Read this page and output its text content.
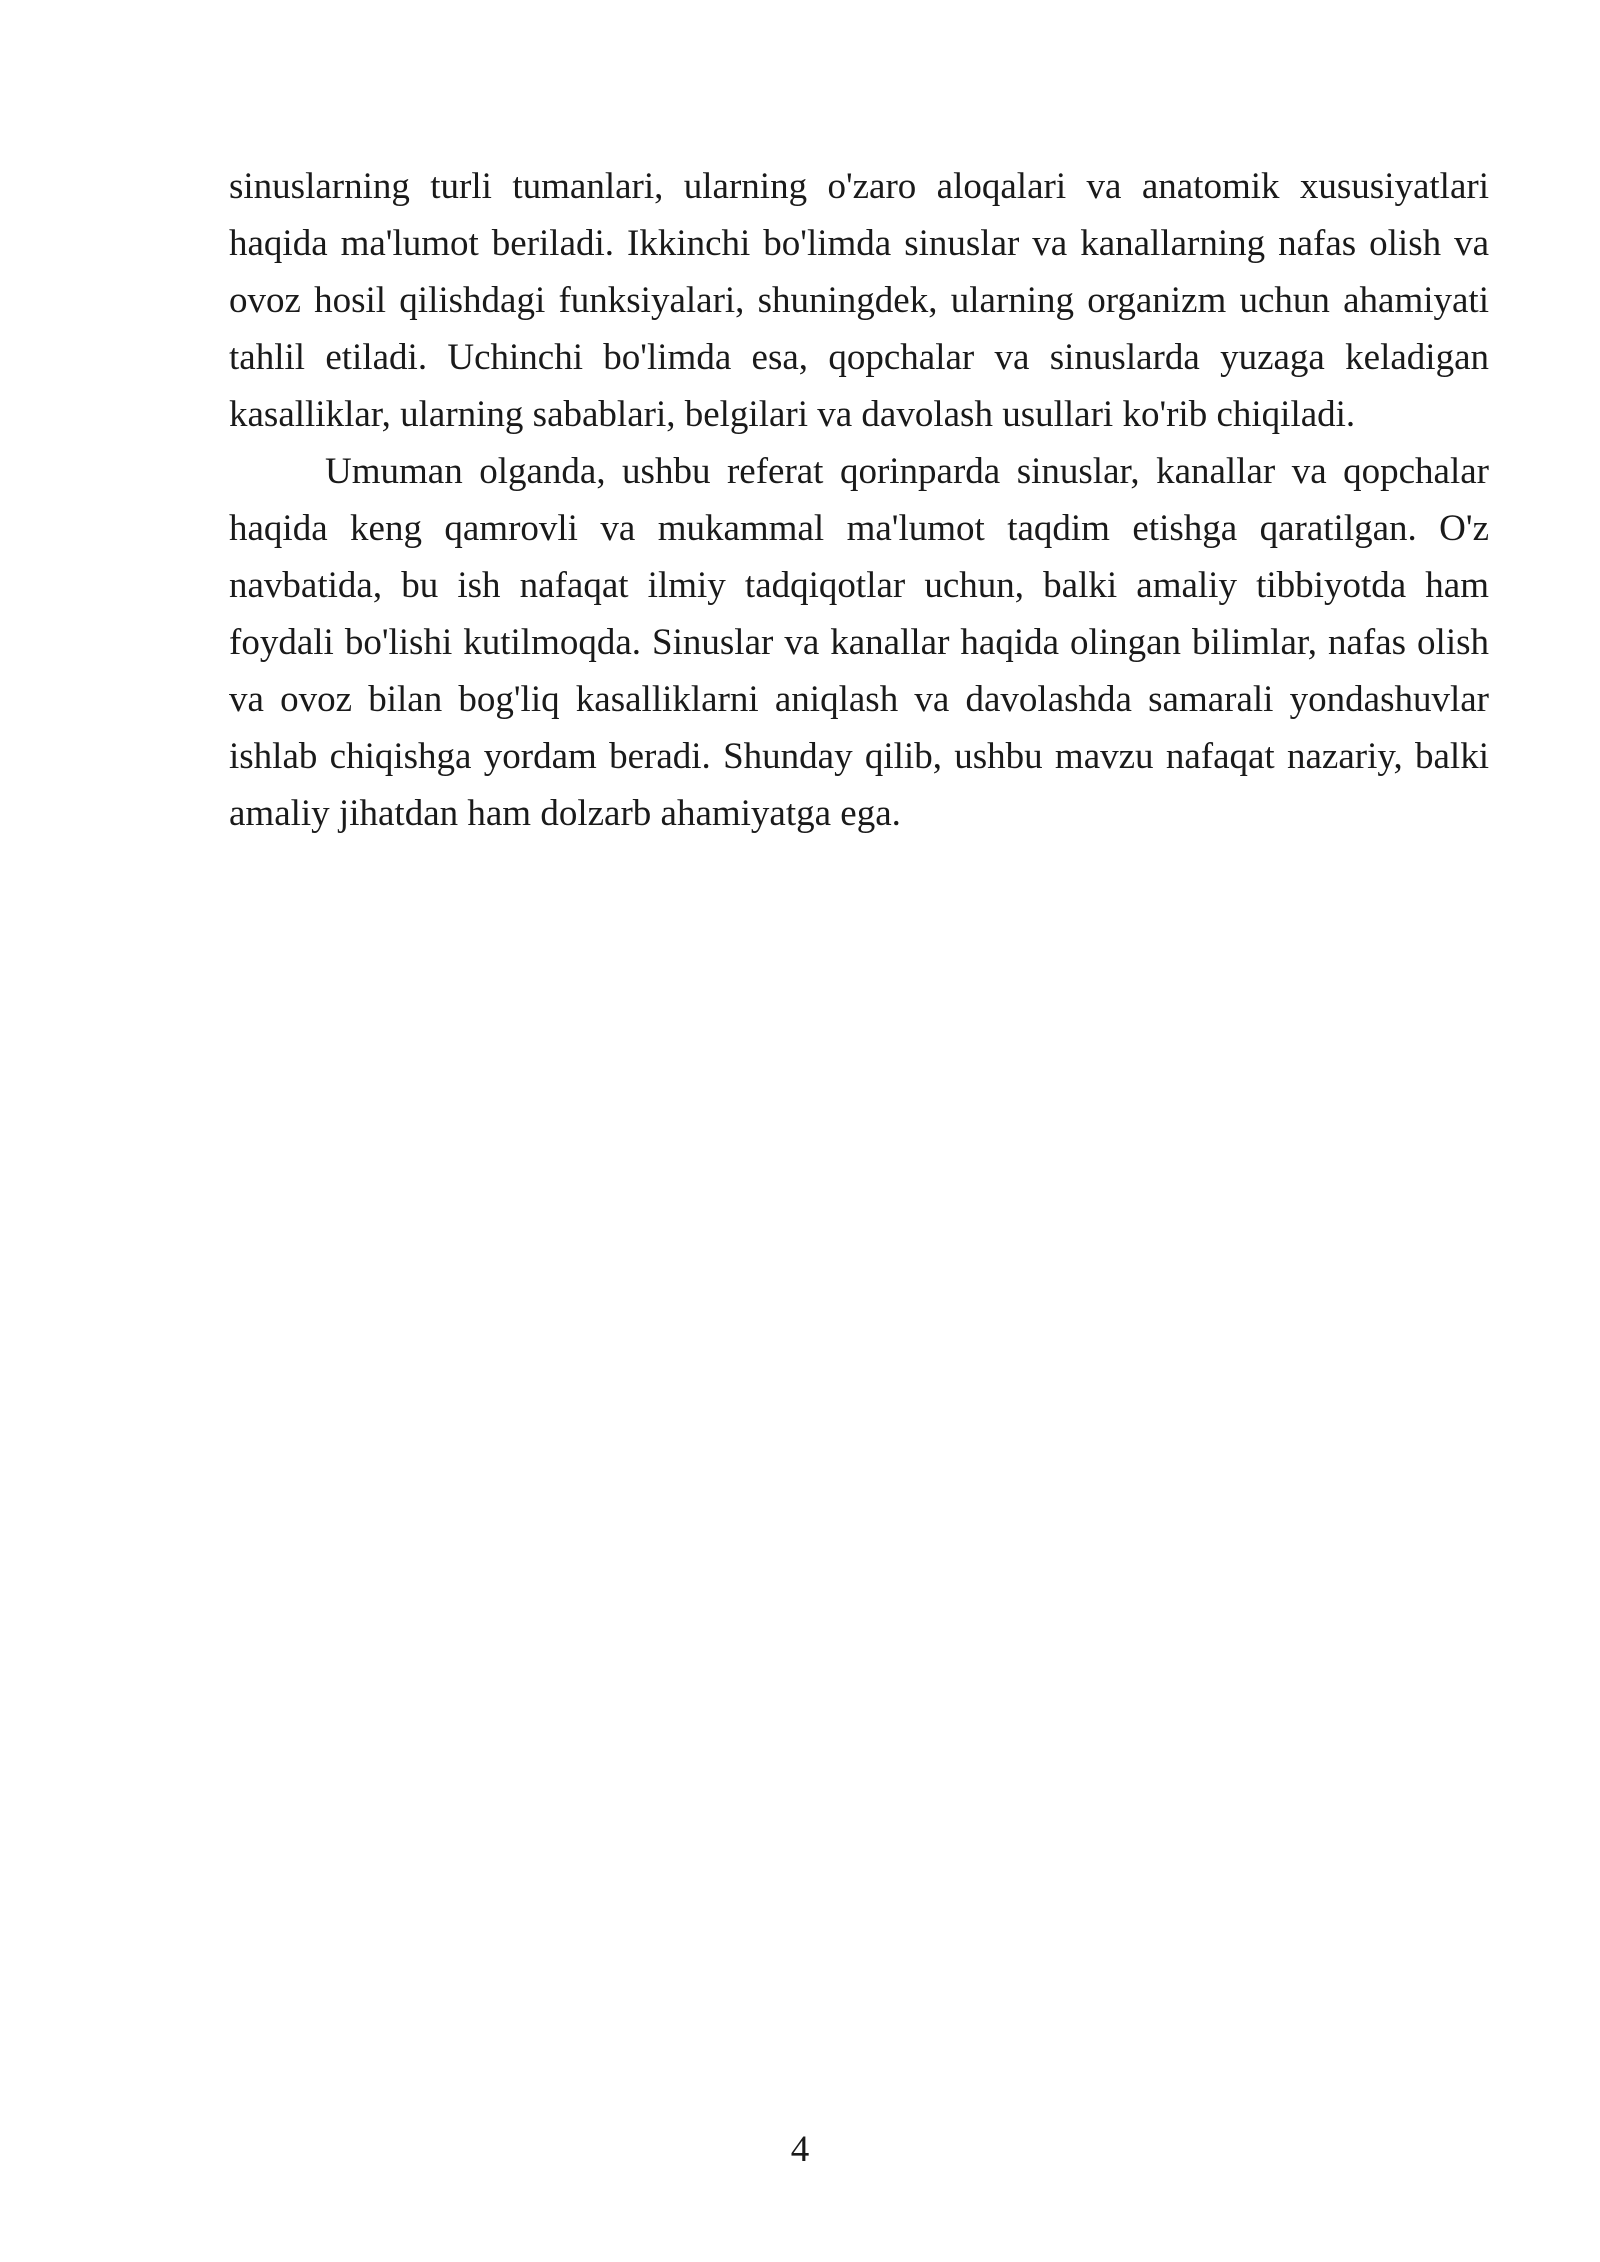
sinuslarning turli tumanlari, ularning o'zaro aloqalari va anatomik xususiyatlari haqida ma'lumot beriladi. Ikkinchi bo'limda sinuslar va kanallarning nafas olish va ovoz hosil qilishdagi funksiyalari, shuningdek, ularning organizm uchun ahamiyati tahlil etiladi. Uchinchi bo'limda esa, qopchalar va sinuslarda yuzaga keladigan kasalliklar, ularning sabablari, belgilari va davolash usullari ko'rib chiqiladi.

Umuman olganda, ushbu referat qorinparda sinuslar, kanallar va qopchalar haqida keng qamrovli va mukammal ma'lumot taqdim etishga qaratilgan. O'z navbatida, bu ish nafaqat ilmiy tadqiqotlar uchun, balki amaliy tibbiyotda ham foydali bo'lishi kutilmoqda. Sinuslar va kanallar haqida olingan bilimlar, nafas olish va ovoz bilan bog'liq kasalliklarni aniqlash va davolashda samarali yondashuvlar ishlab chiqishga yordam beradi. Shunday qilib, ushbu mavzu nafaqat nazariy, balki amaliy jihatdan ham dolzarb ahamiyatga ega.

4
